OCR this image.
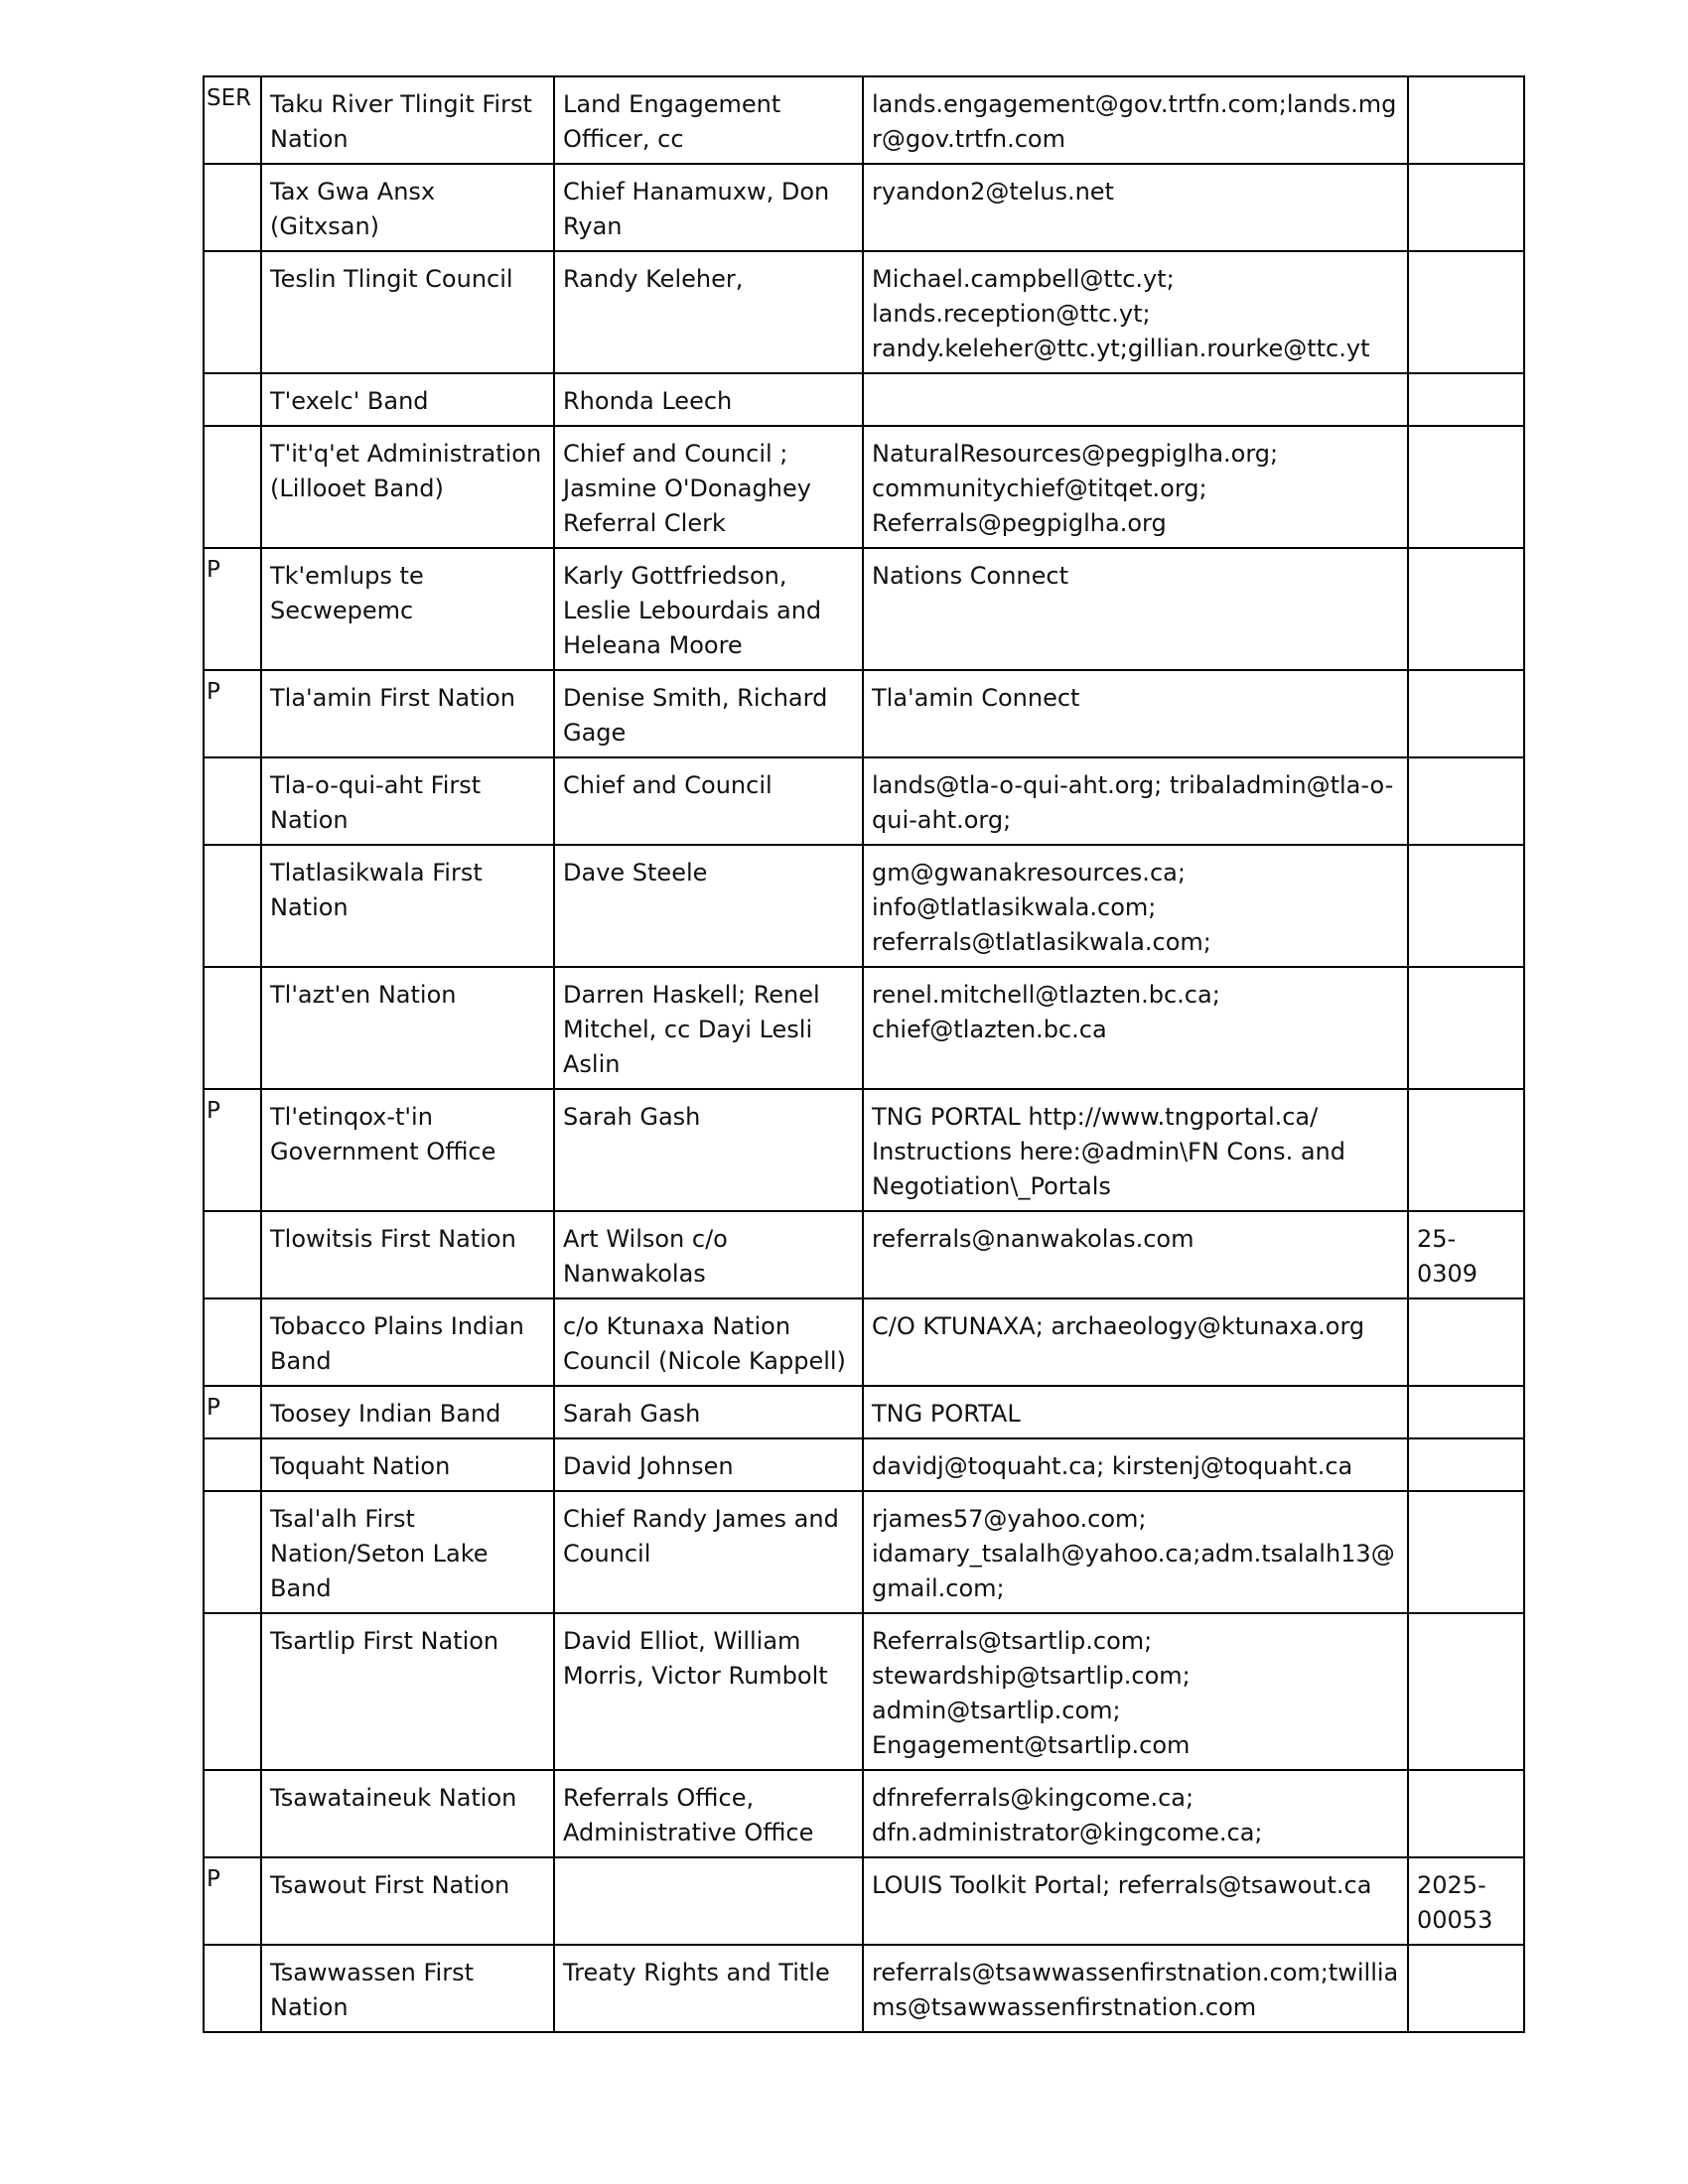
SER	Taku River Tlingit First Nation	Land Engagement Officer, cc	lands.engagement@gov.trtfn.com;lands.mgr@gov.trtfn.com	
	Tax Gwa Ansx (Gitxsan)	Chief Hanamuxw, Don Ryan	ryandon2@telus.net	
	Teslin Tlingit Council	Randy Keleher,	Michael.campbell@ttc.yt; lands.reception@ttc.yt; randy.keleher@ttc.yt;gillian.rourke@ttc.yt	
	T'exelc' Band	Rhonda Leech		
	T'it'q'et Administration (Lillooet Band)	Chief and Council ; Jasmine O'Donaghey Referral Clerk	NaturalResources@pegpiglha.org; communitychief@titqet.org; Referrals@pegpiglha.org	
P	Tk'emlups te Secwepemc	Karly Gottfriedson, Leslie Lebourdais and Heleana Moore	Nations Connect	
P	Tla'amin First Nation	Denise Smith, Richard Gage	Tla'amin Connect	
	Tla-o-qui-aht First Nation	Chief and Council	lands@tla-o-qui-aht.org; tribaladmin@tla-o-qui-aht.org;	
	Tlatlasikwala First Nation	Dave Steele	gm@gwanakresources.ca; info@tlatlasikwala.com; referrals@tlatlasikwala.com;	
	Tl'azt'en Nation	Darren Haskell; Renel Mitchel, cc Dayi Lesli Aslin	renel.mitchell@tlazten.bc.ca; chief@tlazten.bc.ca	
P	Tl'etinqox-t'in Government Office	Sarah Gash	TNG PORTAL http://www.tngportal.ca/ Instructions here:@admin\FN Cons. and Negotiation\_Portals	
	Tlowitsis First Nation	Art Wilson c/o Nanwakolas	referrals@nanwakolas.com	25-0309
	Tobacco Plains Indian Band	c/o Ktunaxa Nation Council (Nicole Kappell)	C/O KTUNAXA; archaeology@ktunaxa.org	
P	Toosey Indian Band	Sarah Gash	TNG PORTAL	
	Toquaht Nation	David Johnsen	davidj@toquaht.ca; kirstenj@toquaht.ca	
	Tsal'alh First Nation/Seton Lake Band	Chief Randy James and Council	rjames57@yahoo.com; idamary_tsalalh@yahoo.ca;adm.tsalalh13@gmail.com;	
	Tsartlip First Nation	David Elliot, William Morris, Victor Rumbolt	Referrals@tsartlip.com; stewardship@tsartlip.com; admin@tsartlip.com; Engagement@tsartlip.com	
	Tsawataineuk Nation	Referrals Office, Administrative Office	dfnreferrals@kingcome.ca; dfn.administrator@kingcome.ca;	
P	Tsawout First Nation		LOUIS Toolkit Portal; referrals@tsawout.ca	2025-00053
	Tsawwassen First Nation	Treaty Rights and Title	referrals@tsawwassenfirstnation.com;twilliams@tsawwassenfirstnation.com	
